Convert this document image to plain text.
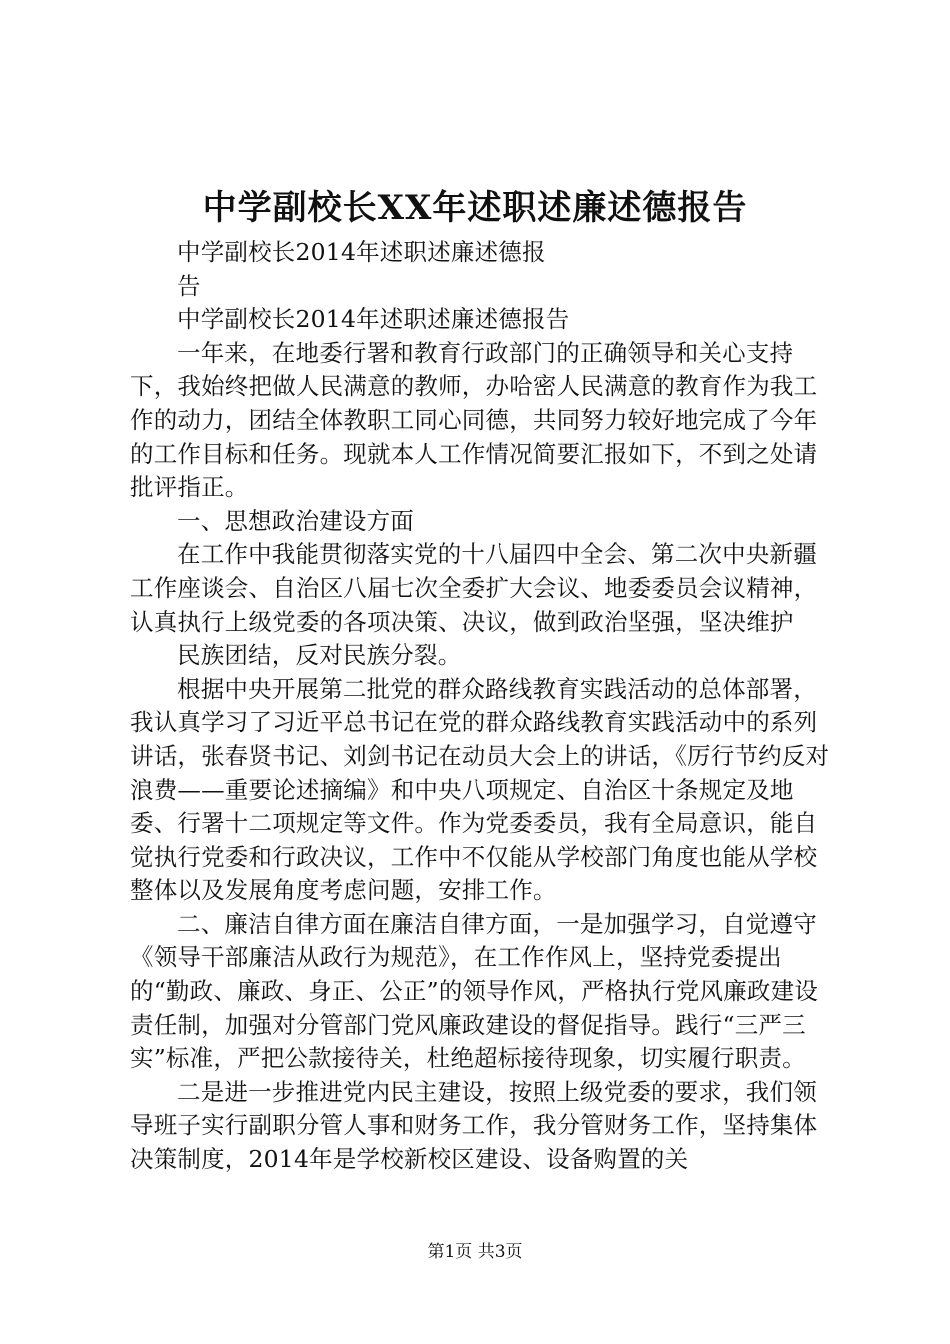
中学副校长XX年述职述廉述德报告

中学副校长2014年述职述廉述德报

告

中学副校长2014年述职述廉述德报告

一年来，在地委行署和教育行政部门的正确领导和关心支持下，我始终把做人民满意的教师，办哈密人民满意的教育作为我工作的动力，团结全体教职工同心同德，共同努力较好地完成了今年的工作目标和任务。现就本人工作情况简要汇报如下，不到之处请批评指正。

一、思想政治建设方面

在工作中我能贯彻落实党的十八届四中全会、第二次中央新疆工作座谈会、自治区八届七次全委扩大会议、地委委员会议精神，认真执行上级党委的各项决策、决议，做到政治坚强，坚决维护

民族团结，反对民族分裂。

根据中央开展第二批党的群众路线教育实践活动的总体部署，我认真学习了习近平总书记在党的群众路线教育实践活动中的系列讲话，张春贤书记、刘剑书记在动员大会上的讲话，《厉行节约反对浪费——重要论述摘编》和中央八项规定、自治区十条规定及地委、行署十二项规定等文件。作为党委委员，我有全局意识，能自觉执行党委和行政决议，工作中不仅能从学校部门角度也能从学校整体以及发展角度考虑问题，安排工作。

二、廉洁自律方面在廉洁自律方面，一是加强学习，自觉遵守《领导干部廉洁从政行为规范》，在工作作风上，坚持党委提出的“勤政、廉政、身正、公正”的领导作风，严格执行党风廉政建设责任制，加强对分管部门党风廉政建设的督促指导。践行“三严三实”标准，严把公款接待关，杜绝超标接待现象，切实履行职责。

二是进一步推进党内民主建设，按照上级党委的要求，我们领导班子实行副职分管人事和财务工作，我分管财务工作，坚持集体决策制度，2014年是学校新校区建设、设备购置的关

第1页 共3页
